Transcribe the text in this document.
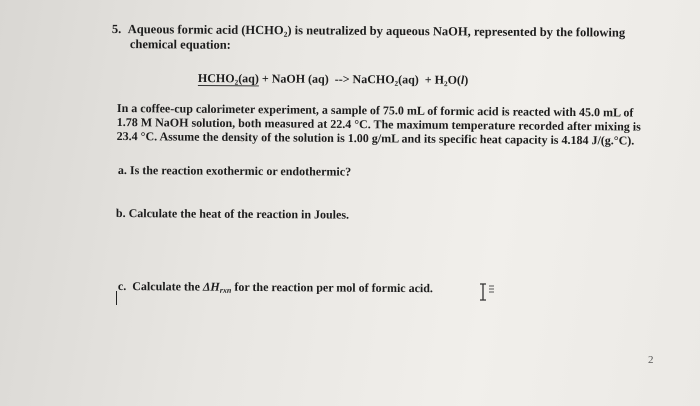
5. Aqueous formic acid (HCHO₂) is neutralized by aqueous NaOH, represented by the following
chemical equation:
HCHO₂(aq) + NaOH (aq)  --> NaCHO₂(aq)  + H₂O(l)
In a coffee-cup calorimeter experiment, a sample of 75.0 mL of formic acid is reacted with 45.0 mL of 1.78 M NaOH solution, both measured at 22.4 °C. The maximum temperature recorded after mixing is 23.4 °C. Assume the density of the solution is 1.00 g/mL and its specific heat capacity is 4.184 J/(g.°C).
a. Is the reaction exothermic or endothermic?
b. Calculate the heat of the reaction in Joules.
c.  Calculate the $\Delta H_{rxn}$ for the reaction per mol of formic acid.
2
